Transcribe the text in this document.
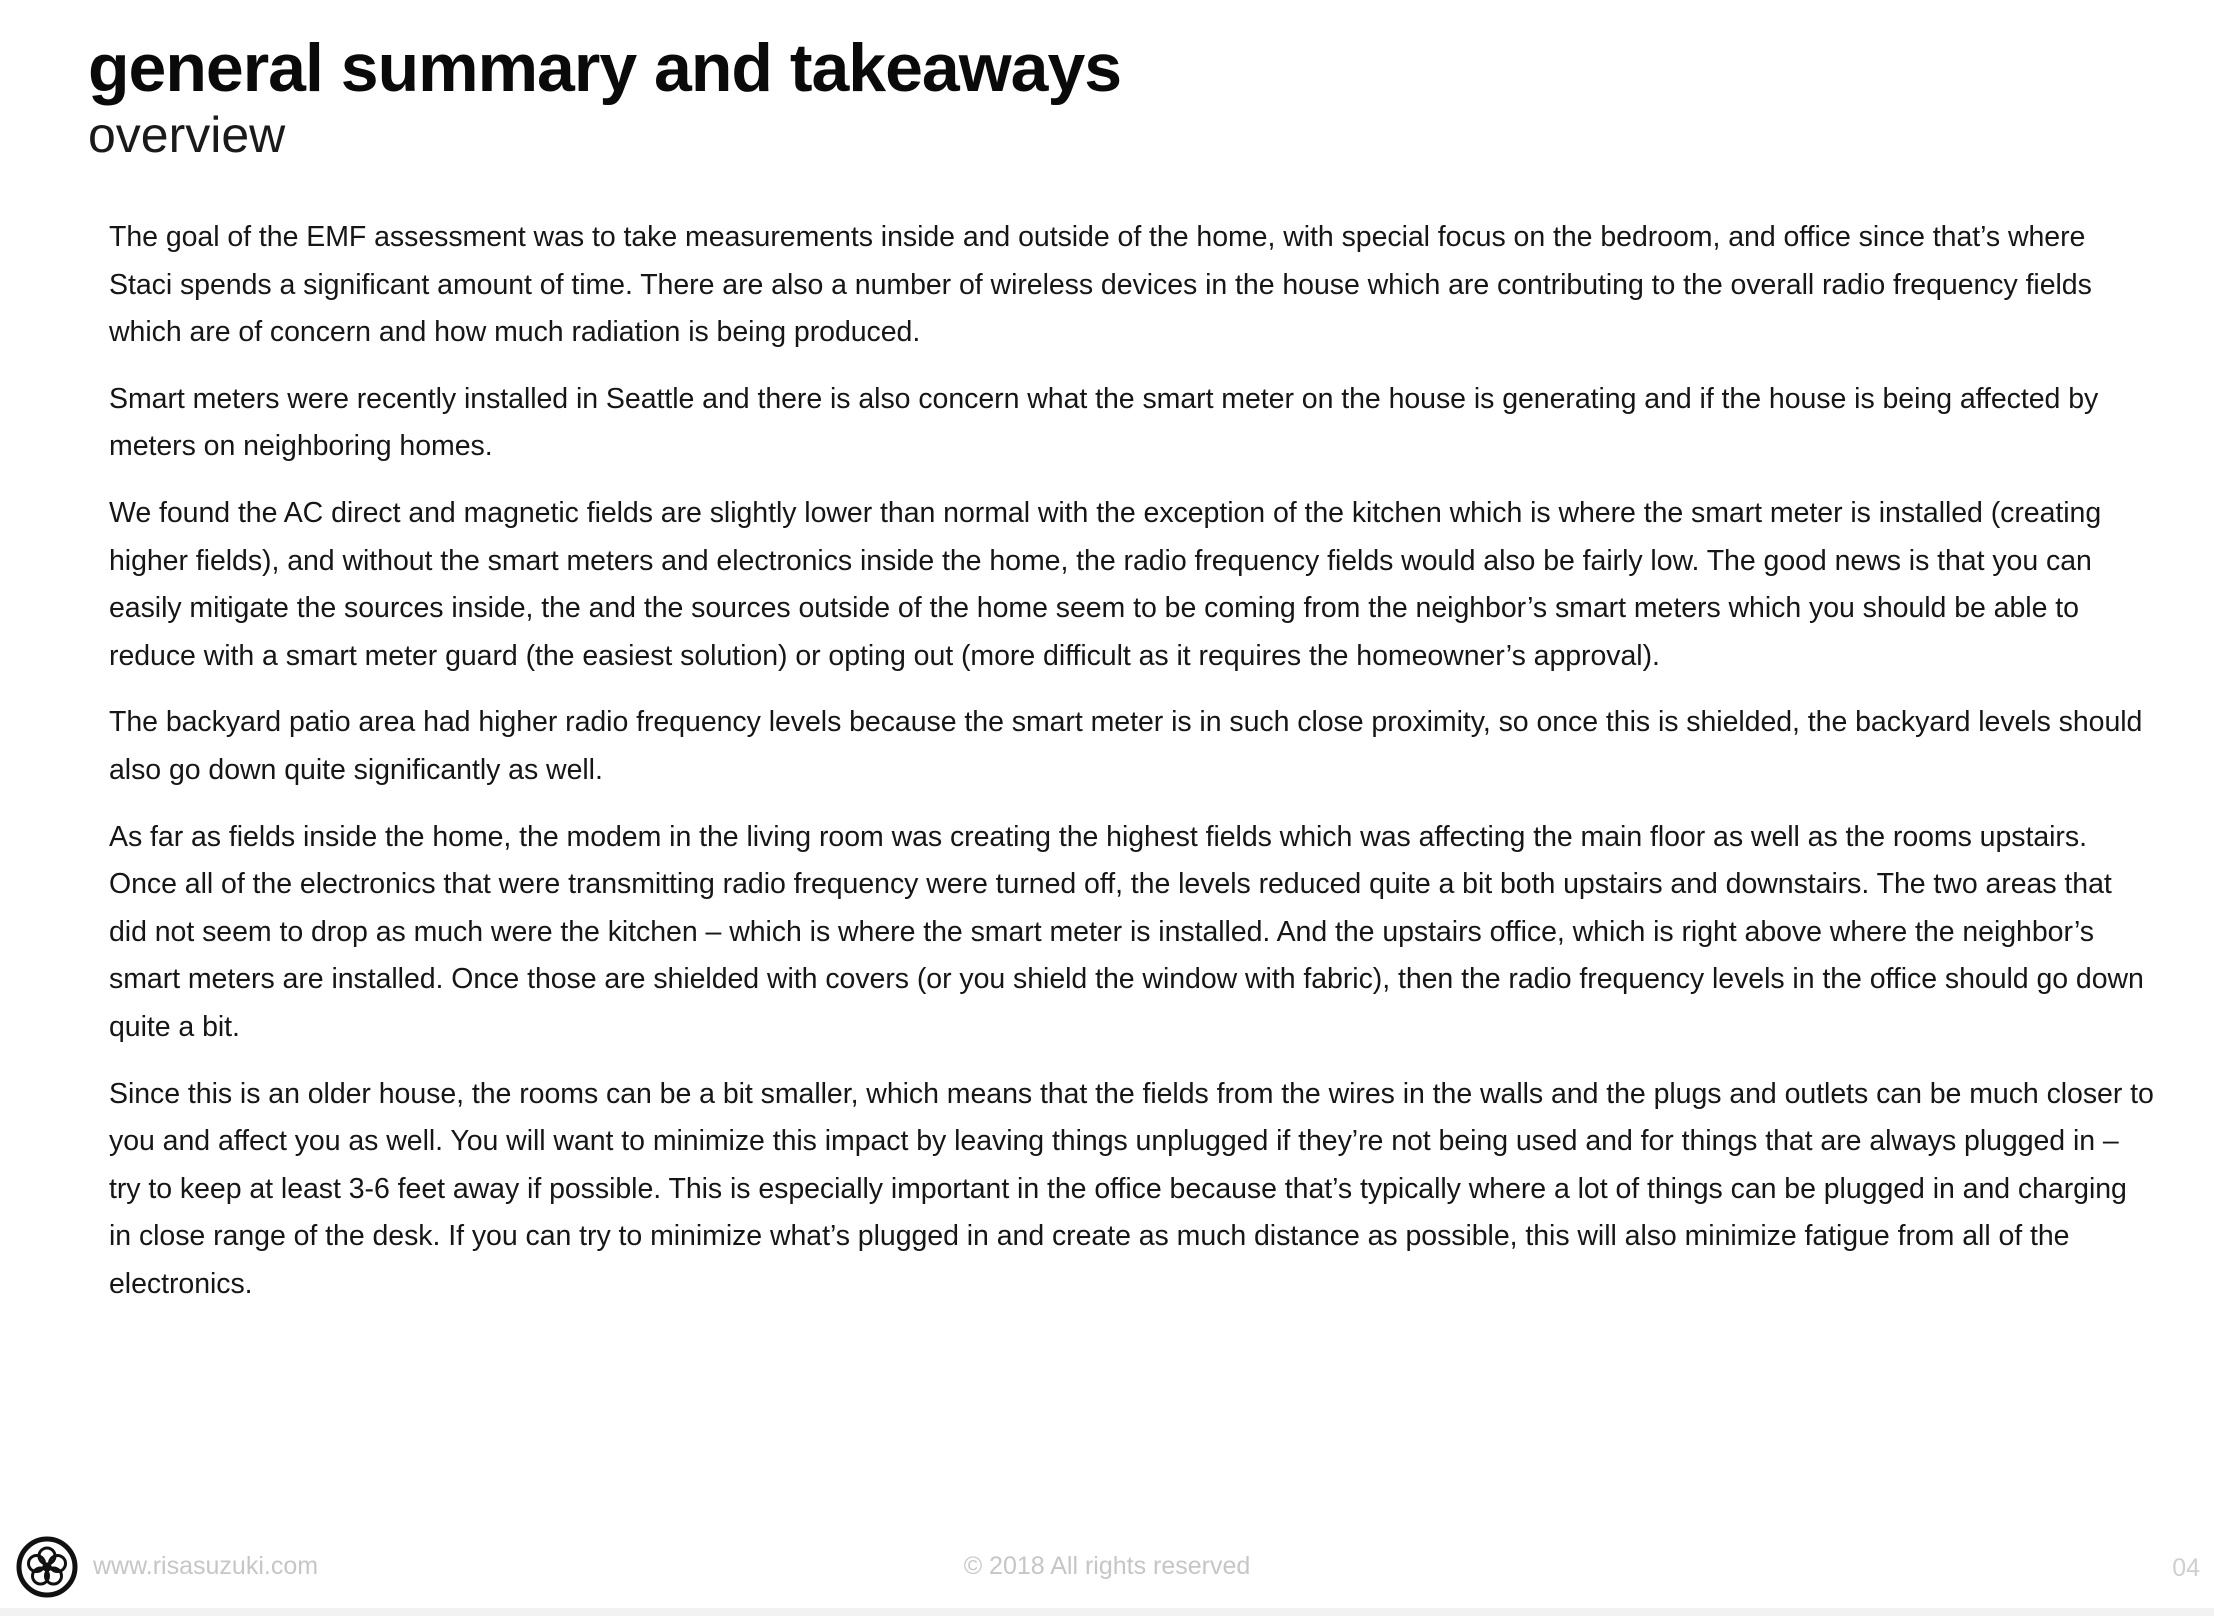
general summary and takeaways
overview

The goal of the EMF assessment was to take measurements inside and outside of the home, with special focus on the bedroom, and office since that’s where Staci spends a significant amount of time. There are also a number of wireless devices in the house which are contributing to the overall radio frequency fields which are of concern and how much radiation is being produced.

Smart meters were recently installed in Seattle and there is also concern what the smart meter on the house is generating and if the house is being affected by meters on neighboring homes.

We found the AC direct and magnetic fields are slightly lower than normal with the exception of the kitchen which is where the smart meter is installed (creating higher fields), and without the smart meters and electronics inside the home, the radio frequency fields would also be fairly low. The good news is that you can easily mitigate the sources inside, the and the sources outside of the home seem to be coming from the neighbor’s smart meters which you should be able to reduce with a smart meter guard (the easiest solution) or opting out (more difficult as it requires the homeowner’s approval).

The backyard patio area had higher radio frequency levels because the smart meter is in such close proximity, so once this is shielded, the backyard levels should also go down quite significantly as well.

As far as fields inside the home, the modem in the living room was creating the highest fields which was affecting the main floor as well as the rooms upstairs. Once all of the electronics that were transmitting radio frequency were turned off, the levels reduced quite a bit both upstairs and downstairs. The two areas that did not seem to drop as much were the kitchen – which is where the smart meter is installed. And the upstairs office, which is right above where the neighbor’s smart meters are installed. Once those are shielded with covers (or you shield the window with fabric), then the radio frequency levels in the office should go down quite a bit.

Since this is an older house, the rooms can be a bit smaller, which means that the fields from the wires in the walls and the plugs and outlets can be much closer to you and affect you as well. You will want to minimize this impact by leaving things unplugged if they’re not being used and for things that are always plugged in – try to keep at least 3-6 feet away if possible. This is especially important in the office because that’s typically where a lot of things can be plugged in and charging in close range of the desk. If you can try to minimize what’s plugged in and create as much distance as possible, this will also minimize fatigue from all of the electronics.

www.risasuzuki.com	© 2018 All rights reserved	04
